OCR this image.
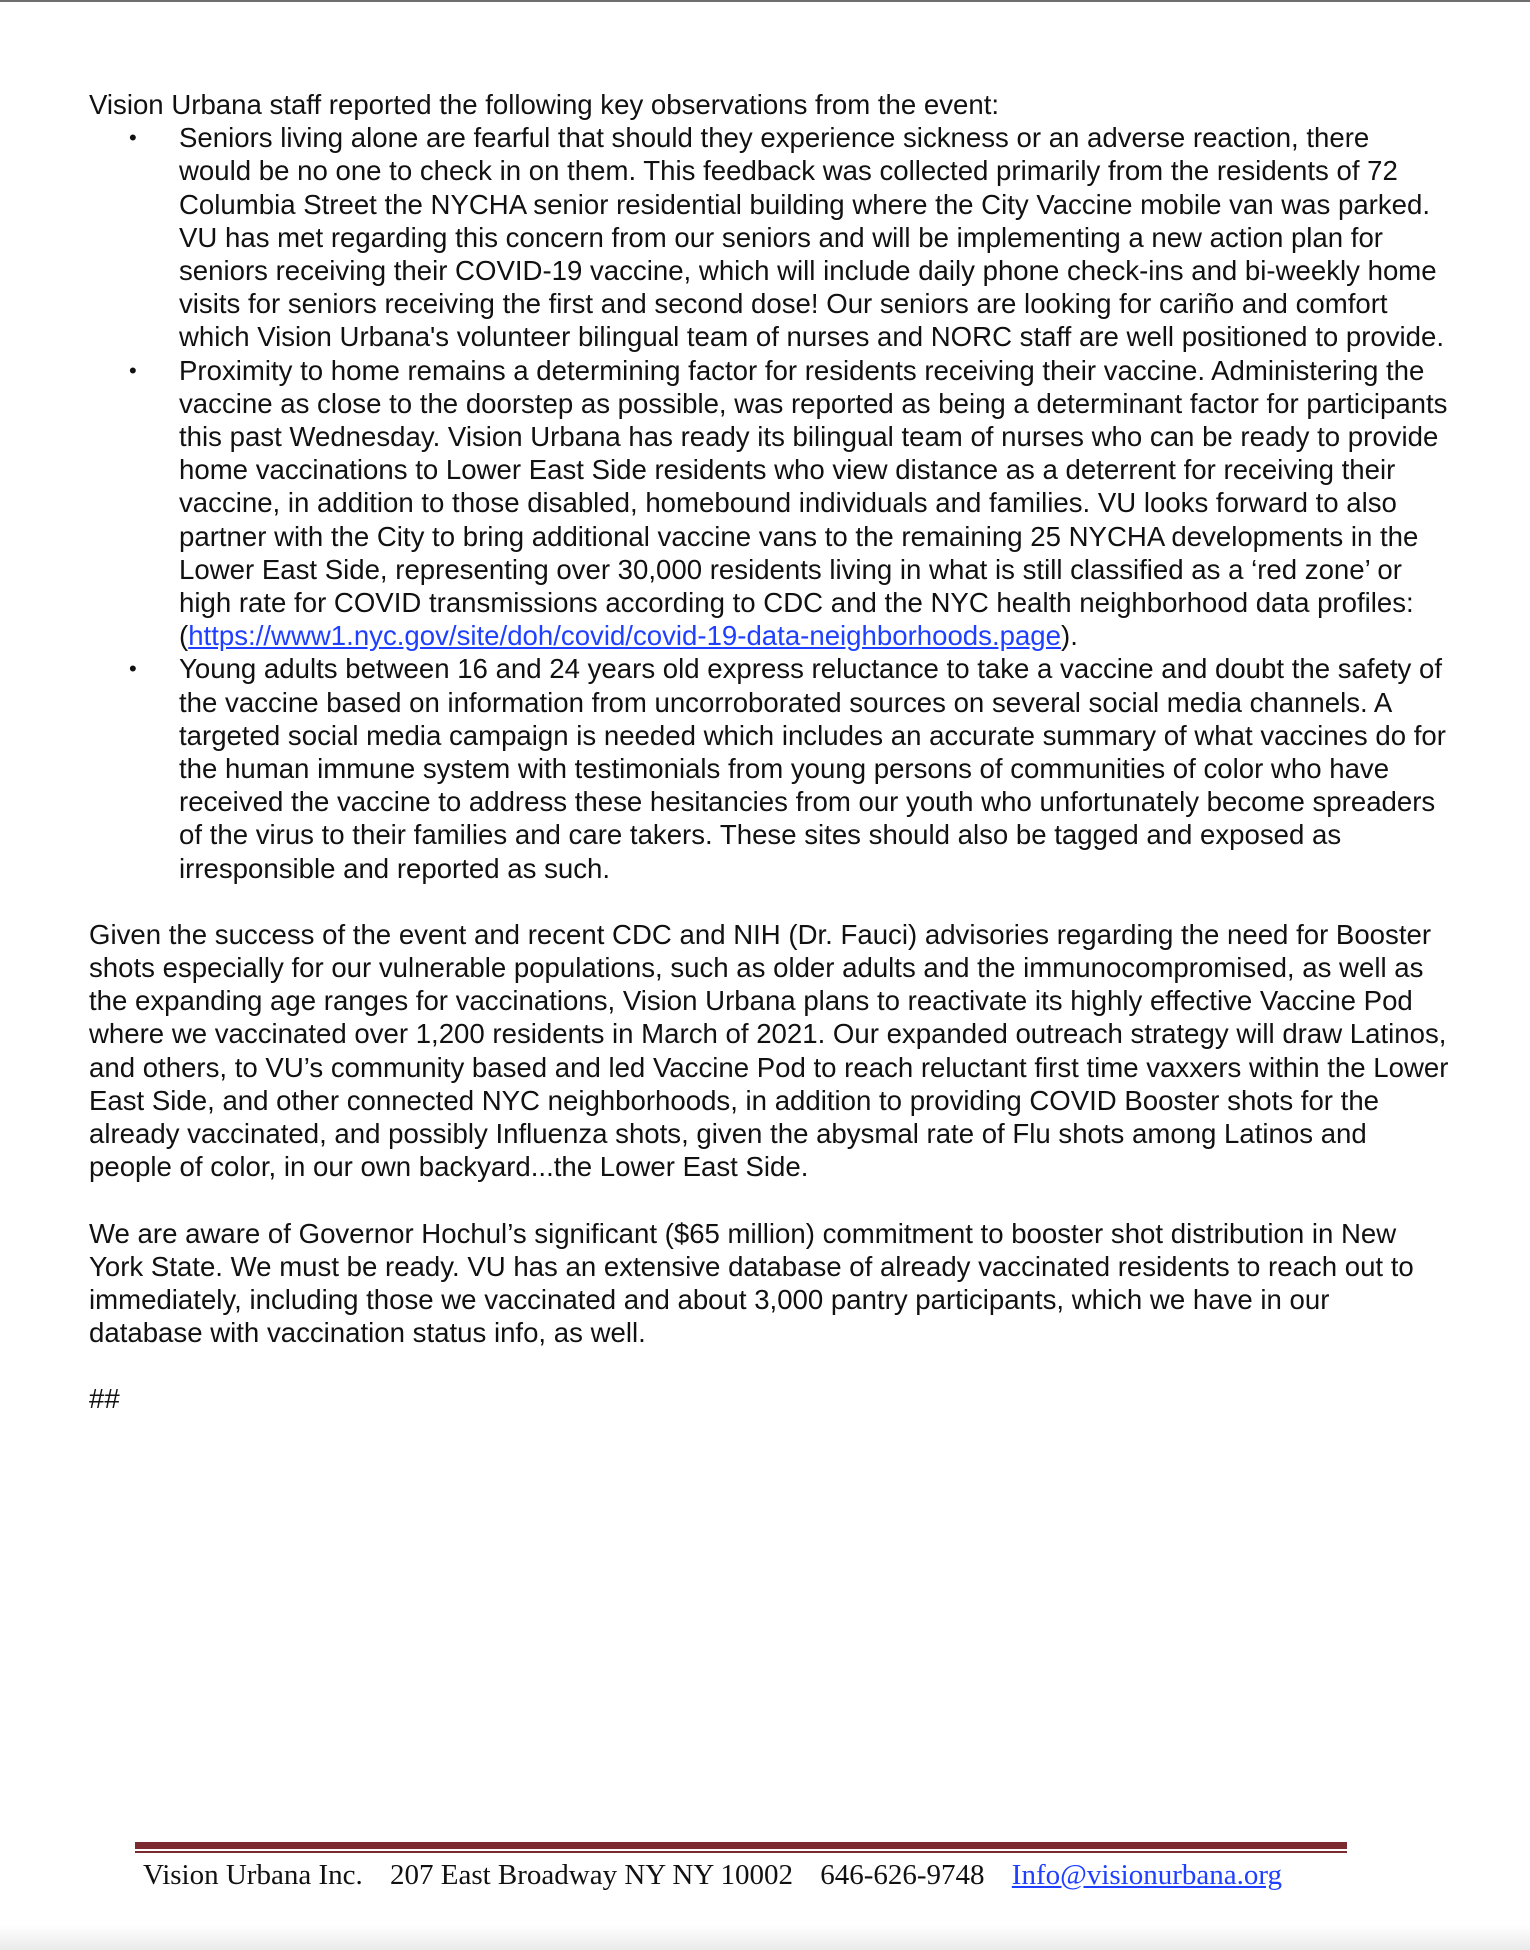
Vision Urbana staff reported the following key observations from the event:

• Seniors living alone are fearful that should they experience sickness or an adverse reaction, there would be no one to check in on them. This feedback was collected primarily from the residents of 72 Columbia Street the NYCHA senior residential building where the City Vaccine mobile van was parked. VU has met regarding this concern from our seniors and will be implementing a new action plan for seniors receiving their COVID-19 vaccine, which will include daily phone check-ins and bi-weekly home visits for seniors receiving the first and second dose! Our seniors are looking for cariño and comfort which Vision Urbana's volunteer bilingual team of nurses and NORC staff are well positioned to provide.
• Proximity to home remains a determining factor for residents receiving their vaccine. Administering the vaccine as close to the doorstep as possible, was reported as being a determinant factor for participants this past Wednesday. Vision Urbana has ready its bilingual team of nurses who can be ready to provide home vaccinations to Lower East Side residents who view distance as a deterrent for receiving their vaccine, in addition to those disabled, homebound individuals and families. VU looks forward to also partner with the City to bring additional vaccine vans to the remaining 25 NYCHA developments in the Lower East Side, representing over 30,000 residents living in what is still classified as a ‘red zone’ or high rate for COVID transmissions according to CDC and the NYC health neighborhood data profiles: (https://www1.nyc.gov/site/doh/covid/covid-19-data-neighborhoods.page).
• Young adults between 16 and 24 years old express reluctance to take a vaccine and doubt the safety of the vaccine based on information from uncorroborated sources on several social media channels. A targeted social media campaign is needed which includes an accurate summary of what vaccines do for the human immune system with testimonials from young persons of communities of color who have received the vaccine to address these hesitancies from our youth who unfortunately become spreaders of the virus to their families and care takers. These sites should also be tagged and exposed as irresponsible and reported as such.

Given the success of the event and recent CDC and NIH (Dr. Fauci) advisories regarding the need for Booster shots especially for our vulnerable populations, such as older adults and the immunocompromised, as well as the expanding age ranges for vaccinations, Vision Urbana plans to reactivate its highly effective Vaccine Pod where we vaccinated over 1,200 residents in March of 2021. Our expanded outreach strategy will draw Latinos, and others, to VU’s community based and led Vaccine Pod to reach reluctant first time vaxxers within the Lower East Side, and other connected NYC neighborhoods, in addition to providing COVID Booster shots for the already vaccinated, and possibly Influenza shots, given the abysmal rate of Flu shots among Latinos and people of color, in our own backyard...the Lower East Side.

We are aware of Governor Hochul’s significant ($65 million) commitment to booster shot distribution in New York State. We must be ready. VU has an extensive database of already vaccinated residents to reach out to immediately, including those we vaccinated and about 3,000 pantry participants, which we have in our database with vaccination status info, as well.

##

Vision Urbana Inc. 207 East Broadway NY NY 10002 646-626-9748 Info@visionurbana.org
